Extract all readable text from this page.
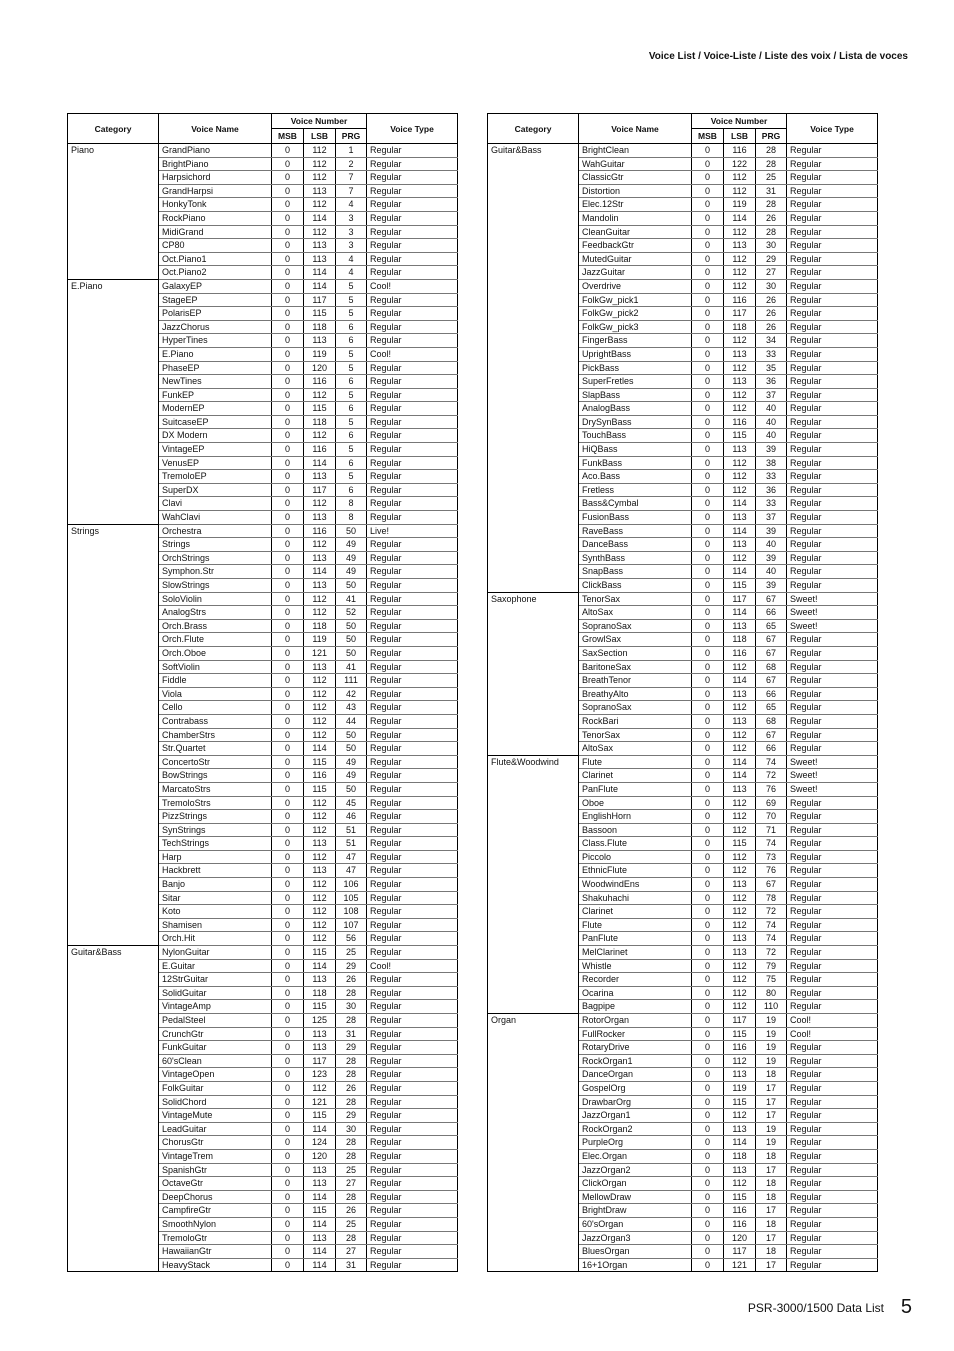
Voice List / Voice-Liste / Liste des voix / Lista de voces
Category	Voice Name	Voice Number			Voice Type
		MSB	LSB	PRG	
Piano	GrandPiano	0	112	1	Regular
	BrightPiano	0	112	2	Regular
	Harpsichord	0	112	7	Regular
	GrandHarpsi	0	113	7	Regular
	HonkyTonk	0	112	4	Regular
	RockPiano	0	114	3	Regular
	MidiGrand	0	112	3	Regular
	CP80	0	113	3	Regular
	Oct.Piano1	0	113	4	Regular
	Oct.Piano2	0	114	4	Regular
E.Piano	GalaxyEP	0	114	5	Cool!
	StageEP	0	117	5	Regular
	PolarisEP	0	115	5	Regular
	JazzChorus	0	118	6	Regular
	HyperTines	0	113	6	Regular
	E.Piano	0	119	5	Cool!
	PhaseEP	0	120	5	Regular
	NewTines	0	116	6	Regular
	FunkEP	0	112	5	Regular
	ModernEP	0	115	6	Regular
	SuitcaseEP	0	118	5	Regular
	DX Modern	0	112	6	Regular
	VintageEP	0	116	5	Regular
	VenusEP	0	114	6	Regular
	TremoloEP	0	113	5	Regular
	SuperDX	0	117	6	Regular
	Clavi	0	112	8	Regular
	WahClavi	0	113	8	Regular
Strings	Orchestra	0	116	50	Live!
	Strings	0	112	49	Regular
	OrchStrings	0	113	49	Regular
	Symphon.Str	0	114	49	Regular
	SlowStrings	0	113	50	Regular
	SoloViolin	0	112	41	Regular
	AnalogStrs	0	112	52	Regular
	Orch.Brass	0	118	50	Regular
	Orch.Flute	0	119	50	Regular
	Orch.Oboe	0	121	50	Regular
	SoftViolin	0	113	41	Regular
	Fiddle	0	112	111	Regular
	Viola	0	112	42	Regular
	Cello	0	112	43	Regular
	Contrabass	0	112	44	Regular
	ChamberStrs	0	112	50	Regular
	Str.Quartet	0	114	50	Regular
	ConcertoStr	0	115	49	Regular
	BowStrings	0	116	49	Regular
	MarcatoStrs	0	115	50	Regular
	TremoloStrs	0	112	45	Regular
	PizzStrings	0	112	46	Regular
	SynStrings	0	112	51	Regular
	TechStrings	0	113	51	Regular
	Harp	0	112	47	Regular
	Hackbrett	0	113	47	Regular
	Banjo	0	112	106	Regular
	Sitar	0	112	105	Regular
	Koto	0	112	108	Regular
	Shamisen	0	112	107	Regular
	Orch.Hit	0	112	56	Regular
Guitar&Bass	NylonGuitar	0	115	25	Regular
	E.Guitar	0	114	29	Cool!
	12StrGuitar	0	113	26	Regular
	SolidGuitar	0	118	28	Regular
	VintageAmp	0	115	30	Regular
	PedalSteel	0	125	28	Regular
	CrunchGtr	0	113	31	Regular
	FunkGuitar	0	113	29	Regular
	60'sClean	0	117	28	Regular
	VintageOpen	0	123	28	Regular
	FolkGuitar	0	112	26	Regular
	SolidChord	0	121	28	Regular
	VintageMute	0	115	29	Regular
	LeadGuitar	0	114	30	Regular
	ChorusGtr	0	124	28	Regular
	VintageTrem	0	120	28	Regular
	SpanishGtr	0	113	25	Regular
	OctaveGtr	0	113	27	Regular
	DeepChorus	0	114	28	Regular
	CampfireGtr	0	115	26	Regular
	SmoothNylon	0	114	25	Regular
	TremoloGtr	0	113	28	Regular
	HawaiianGtr	0	114	27	Regular
	HeavyStack	0	114	31	Regular
Category	Voice Name	Voice Number			Voice Type
		MSB	LSB	PRG	
Guitar&Bass	BrightClean	0	116	28	Regular
	WahGuitar	0	122	28	Regular
	ClassicGtr	0	112	25	Regular
	Distortion	0	112	31	Regular
	Elec.12Str	0	119	28	Regular
	Mandolin	0	114	26	Regular
	CleanGuitar	0	112	28	Regular
	FeedbackGtr	0	113	30	Regular
	MutedGuitar	0	112	29	Regular
	JazzGuitar	0	112	27	Regular
	Overdrive	0	112	30	Regular
	FolkGw_pick1	0	116	26	Regular
	FolkGw_pick2	0	117	26	Regular
	FolkGw_pick3	0	118	26	Regular
	FingerBass	0	112	34	Regular
	UprightBass	0	113	33	Regular
	PickBass	0	112	35	Regular
	SuperFretles	0	113	36	Regular
	SlapBass	0	112	37	Regular
	AnalogBass	0	112	40	Regular
	DrySynBass	0	116	40	Regular
	TouchBass	0	115	40	Regular
	HiQBass	0	113	39	Regular
	FunkBass	0	112	38	Regular
	Aco.Bass	0	112	33	Regular
	Fretless	0	112	36	Regular
	Bass&Cymbal	0	114	33	Regular
	FusionBass	0	113	37	Regular
	RaveBass	0	114	39	Regular
	DanceBass	0	113	40	Regular
	SynthBass	0	112	39	Regular
	SnapBass	0	114	40	Regular
	ClickBass	0	115	39	Regular
Saxophone	TenorSax	0	117	67	Sweet!
	AltoSax	0	114	66	Sweet!
	SopranoSax	0	113	65	Sweet!
	GrowlSax	0	118	67	Regular
	SaxSection	0	116	67	Regular
	BaritoneSax	0	112	68	Regular
	BreathTenor	0	114	67	Regular
	BreathyAlto	0	113	66	Regular
	SopranoSax	0	112	65	Regular
	RockBari	0	113	68	Regular
	TenorSax	0	112	67	Regular
	AltoSax	0	112	66	Regular
Flute&Woodwind	Flute	0	114	74	Sweet!
	Clarinet	0	114	72	Sweet!
	PanFlute	0	113	76	Sweet!
	Oboe	0	112	69	Regular
	EnglishHorn	0	112	70	Regular
	Bassoon	0	112	71	Regular
	Class.Flute	0	115	74	Regular
	Piccolo	0	112	73	Regular
	EthnicFlute	0	112	76	Regular
	WoodwindEns	0	113	67	Regular
	Shakuhachi	0	112	78	Regular
	Clarinet	0	112	72	Regular
	Flute	0	112	74	Regular
	PanFlute	0	113	74	Regular
	MelClarinet	0	113	72	Regular
	Whistle	0	112	79	Regular
	Recorder	0	112	75	Regular
	Ocarina	0	112	80	Regular
	Bagpipe	0	112	110	Regular
Organ	RotorOrgan	0	117	19	Cool!
	FullRocker	0	115	19	Cool!
	RotaryDrive	0	116	19	Regular
	RockOrgan1	0	112	19	Regular
	DanceOrgan	0	113	18	Regular
	GospelOrg	0	119	17	Regular
	DrawbarOrg	0	115	17	Regular
	JazzOrgan1	0	112	17	Regular
	RockOrgan2	0	113	19	Regular
	PurpleOrg	0	114	19	Regular
	Elec.Organ	0	118	18	Regular
	JazzOrgan2	0	113	17	Regular
	ClickOrgan	0	112	18	Regular
	MellowDraw	0	115	18	Regular
	BrightDraw	0	116	17	Regular
	60'sOrgan	0	116	18	Regular
	JazzOrgan3	0	120	17	Regular
	BluesOrgan	0	117	18	Regular
	16+1Organ	0	121	17	Regular
PSR-3000/1500 Data List 5
